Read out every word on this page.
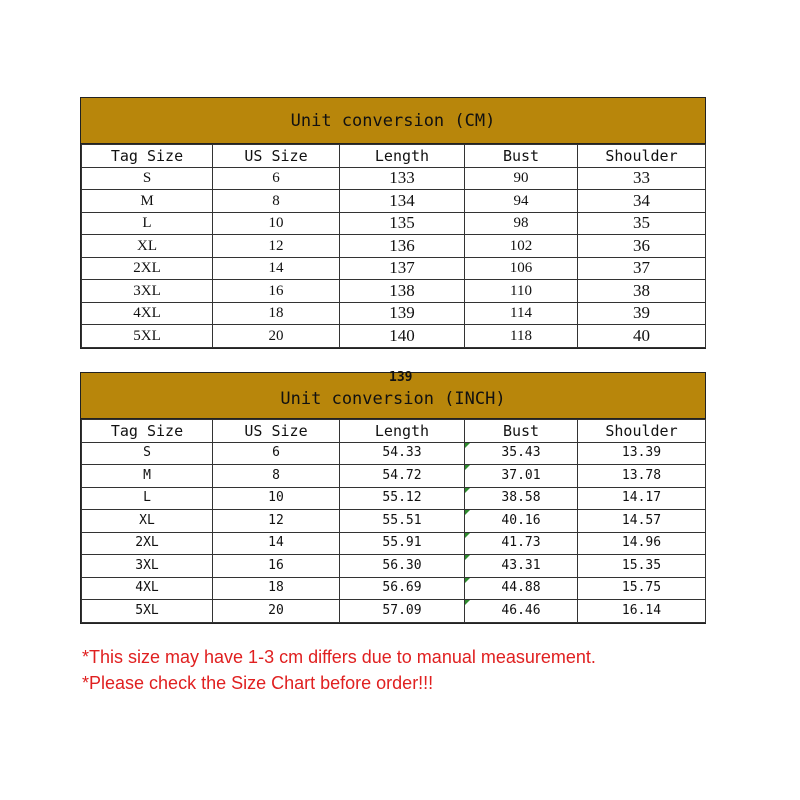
Unit conversion (CM)
Tag Size	US Size	Length	Bust	Shoulder
S	6	133	90	33
M	8	134	94	34
L	10	135	98	35
XL	12	136	102	36
2XL	14	137	106	37
3XL	16	138	110	38
4XL	18	139	114	39
5XL	20	140	118	40
139
Unit conversion (INCH)
Tag Size	US Size	Length	Bust	Shoulder
S	6	54.33	35.43	13.39
M	8	54.72	37.01	13.78
L	10	55.12	38.58	14.17
XL	12	55.51	40.16	14.57
2XL	14	55.91	41.73	14.96
3XL	16	56.30	43.31	15.35
4XL	18	56.69	44.88	15.75
5XL	20	57.09	46.46	16.14
*This size may have 1-3 cm differs due to manual measurement.
*Please check the Size Chart before order!!!
